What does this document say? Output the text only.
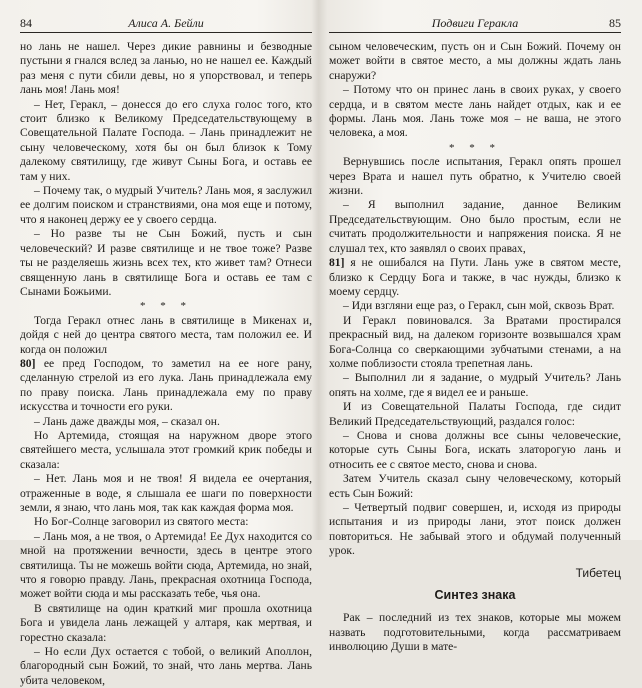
84	Алиса А. Бейли

но лань не нашел. Через дикие равнины и безводные пустыни я гнался вслед за ланью, но не нашел ее. Каждый раз меня с пути сбили девы, но я упорствовал, и теперь лань моя! Лань моя!

– Нет, Геракл, – донесся до его слуха голос того, кто стоит близко к Великому Председательствующему в Совещательной Палате Господа. – Лань принадлежит не сыну человеческому, хотя бы он был близок к Тому далекому святилищу, где живут Сыны Бога, и оставь ее там у них.

– Почему так, о мудрый Учитель? Лань моя, я заслужил ее долгим поиском и странствиями, она моя еще и потому, что я наконец держу ее у своего сердца.

– Но разве ты не Сын Божий, пусть и сын человеческий? И разве святилище и не твое тоже? Разве ты не разделяешь жизнь всех тех, кто живет там? Отнеси священную лань в святилище Бога и оставь ее там с Сынами Божьими.

* * *

Тогда Геракл отнес лань в святилище в Микенах и, дойдя с ней до центра святого места, там положил ее. И когда он положил

80] ее пред Господом, то заметил на ее ноге рану, сделанную стрелой из его лука. Лань принадлежала ему по праву поиска. Лань принадлежала ему по праву искусства и точности его руки.

– Лань даже дважды моя, – сказал он.

Но Артемида, стоящая на наружном дворе этого святейшего места, услышала этот громкий крик победы и сказала:

– Нет. Лань моя и не твоя! Я видела ее очертания, отраженные в воде, я слышала ее шаги по поверхности земли, я знаю, что лань моя, так как каждая форма моя.

Но Бог-Солнце заговорил из святого места:

– Лань моя, а не твоя, о Артемида! Ее Дух находится со мной на протяжении вечности, здесь в центре этого святилища. Ты не можешь войти сюда, Артемида, но знай, что я говорю правду. Лань, прекрасная охотница Господа, может войти сюда и мы рассказать тебе, чья она.

В святилище на один краткий миг прошла охотница Бога и увидела лань лежащей у алтаря, как мертвая, и горестно сказала:

– Но если Дух остается с тобой, о великий Аполлон, благородный сын Божий, то знай, что лань мертва. Лань убита человеком,

Подвиги Геракла	85

сыном человеческим, пусть он и Сын Божий. Почему он может войти в святое место, а мы должны ждать лань снаружи?

– Потому что он принес лань в своих руках, у своего сердца, и в святом месте лань найдет отдых, как и ее формы. Лань моя. Лань тоже моя – не ваша, не этого человека, а моя.

* * *

Вернувшись после испытания, Геракл опять прошел через Врата и нашел путь обратно, к Учителю своей жизни.

– Я выполнил задание, данное Великим Председательствующим. Оно было простым, если не считать продолжительности и напряжения поиска. Я не слушал тех, кто заявлял о своих правах,

81] я не ошибался на Пути. Лань уже в святом месте, близко к Сердцу Бога и также, в час нужды, близко к моему сердцу.

– Иди взгляни еще раз, о Геракл, сын мой, сквозь Врат.

И Геракл повиновался. За Вратами простирался прекрасный вид, на далеком горизонте возвышался храм Бога-Солнца со сверкающими зубчатыми стенами, а на холме поблизости стояла трепетная лань.

– Выполнил ли я задание, о мудрый Учитель? Лань опять на холме, где я видел ее и раньше.

И из Совещательной Палаты Господа, где сидит Великий Председательствующий, раздался голос:

– Снова и снова должны все сыны человеческие, которые суть Сыны Бога, искать златорогую лань и относить ее с святое место, снова и снова.

Затем Учитель сказал сыну человеческому, который есть Сын Божий:

– Четвертый подвиг совершен, и, исходя из природы испытания и из природы лани, этот поиск должен повториться. Не забывай этого и обдумай полученный урок.

Тибетец
Синтез знака

Рак – последний из тех знаков, которые мы можем назвать подготовительными, когда рассматриваем инволюцию Души в мате-
